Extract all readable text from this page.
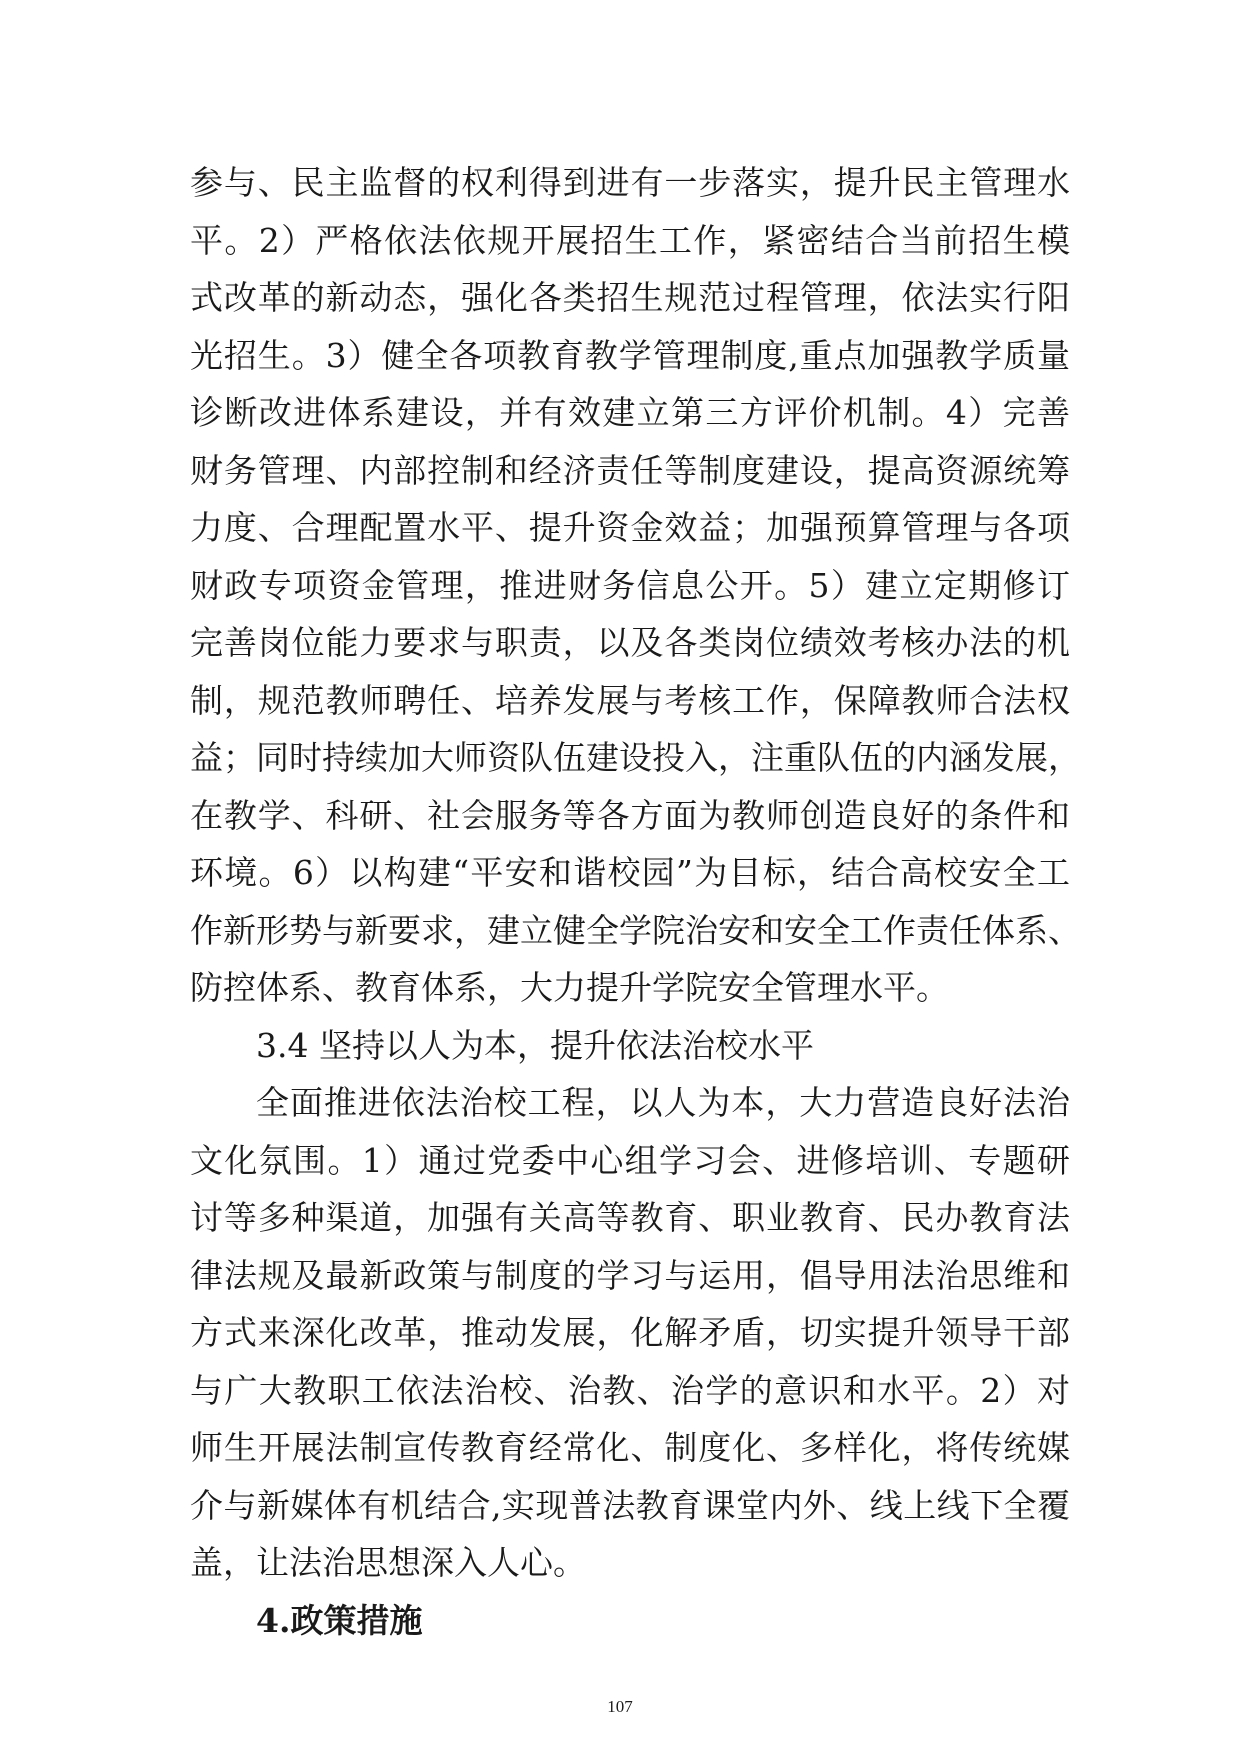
参与、民主监督的权利得到进有一步落实，提升民主管理水
平。2）严格依法依规开展招生工作，紧密结合当前招生模
式改革的新动态，强化各类招生规范过程管理，依法实行阳
光招生。3）健全各项教育教学管理制度,重点加强教学质量
诊断改进体系建设，并有效建立第三方评价机制。4）完善
财务管理、内部控制和经济责任等制度建设，提高资源统筹
力度、合理配置水平、提升资金效益；加强预算管理与各项
财政专项资金管理，推进财务信息公开。5）建立定期修订
完善岗位能力要求与职责，以及各类岗位绩效考核办法的机
制，规范教师聘任、培养发展与考核工作，保障教师合法权
益；同时持续加大师资队伍建设投入，注重队伍的内涵发展，
在教学、科研、社会服务等各方面为教师创造良好的条件和
环境。6）以构建“平安和谐校园”为目标，结合高校安全工
作新形势与新要求，建立健全学院治安和安全工作责任体系、
防控体系、教育体系，大力提升学院安全管理水平。
3.4 坚持以人为本，提升依法治校水平
全面推进依法治校工程，以人为本，大力营造良好法治
文化氛围。1）通过党委中心组学习会、进修培训、专题研
讨等多种渠道，加强有关高等教育、职业教育、民办教育法
律法规及最新政策与制度的学习与运用，倡导用法治思维和
方式来深化改革，推动发展，化解矛盾，切实提升领导干部
与广大教职工依法治校、治教、治学的意识和水平。2）对
师生开展法制宣传教育经常化、制度化、多样化，将传统媒
介与新媒体有机结合,实现普法教育课堂内外、线上线下全覆
盖，让法治思想深入人心。
4.政策措施
107
